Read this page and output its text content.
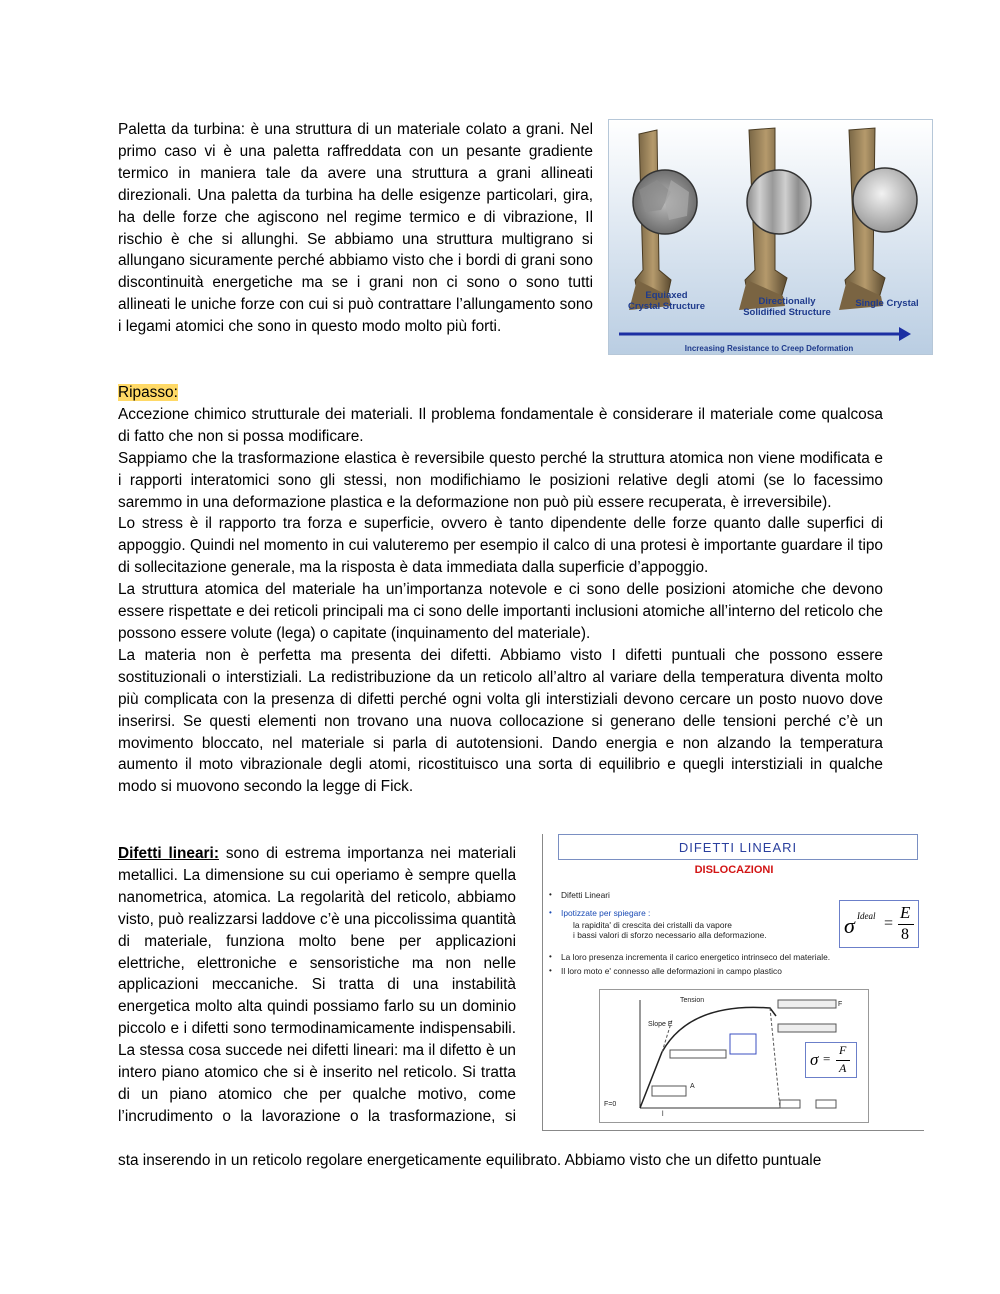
Paletta da turbina: è una struttura di un materiale colato a grani. Nel primo caso vi è una paletta raffreddata con un pesante gradiente termico in maniera tale da avere una struttura a grani allineati direzionali. Una paletta da turbina ha delle esigenze particolari, gira, ha delle forze che agiscono nel regime termico e di vibrazione, Il rischio è che si allunghi. Se abbiamo una struttura multigrano si allungano sicuramente perché abbiamo visto che i bordi di grani sono discontinuità energetiche ma se i grani non ci sono o sono tutti allineati le uniche forze con cui si può contrattare l’allungamento sono i legami atomici che sono in questo modo molto più forti.

Equiaxed
Crystal Structure	Directionally
Solidified Structure
Single Crystal
Increasing Resistance to Creep Deformation

Ripasso:

Accezione chimico strutturale dei materiali. Il problema fondamentale è considerare il materiale come qualcosa di fatto che non si possa modificare.

Sappiamo che la trasformazione elastica è reversibile questo perché la struttura atomica non viene modificata e i rapporti interatomici sono gli stessi, non modifichiamo le posizioni relative degli atomi (se lo facessimo saremmo in una deformazione plastica e la deformazione non può più essere recuperata, è irreversibile).

Lo stress è il rapporto tra forza e superficie, ovvero è tanto dipendente delle forze quanto dalle superfici di appoggio. Quindi nel momento in cui valuteremo per esempio il calco di una protesi è importante guardare il tipo di sollecitazione generale, ma la risposta è data immediata dalla superficie d’appoggio.

La struttura atomica del materiale ha un’importanza notevole e ci sono delle posizioni atomiche che devono essere rispettate e dei reticoli principali ma ci sono delle importanti inclusioni atomiche all’interno del reticolo che possono essere volute (lega) o capitate (inquinamento del materiale).

La materia non è perfetta ma presenta dei difetti. Abbiamo visto I difetti puntuali che possono essere sostituzionali o interstiziali. La redistribuzione da un reticolo all’altro al variare della temperatura diventa molto più complicata con la presenza di difetti perché ogni volta gli interstiziali devono cercare un posto nuovo dove inserirsi. Se questi elementi non trovano una nuova collocazione si generano delle tensioni perché c’è un movimento bloccato, nel materiale si parla di autotensioni. Dando energia e non alzando la temperatura aumento il moto vibrazionale degli atomi, ricostituisco una sorta di equilibrio e quegli interstiziali in qualche modo si muovono secondo la legge di Fick.

Difetti lineari: sono di estrema importanza nei materiali metallici. La dimensione su cui operiamo è sempre quella nanometrica, atomica. La regolarità del reticolo, abbiamo visto, può realizzarsi laddove c’è una piccolissima quantità di materiale, funziona molto bene per applicazioni elettriche, elettroniche e sensoristiche ma non nelle applicazioni meccaniche. Si tratta di una instabilità energetica molto alta quindi possiamo farlo su un dominio piccolo e i difetti sono termodinamicamente indispensabili. La stessa cosa succede nei difetti lineari: ma il difetto è un intero piano atomico che si è inserito nel reticolo. Si tratta di un piano atomico che per qualche motivo, come l’incrudimento o la lavorazione o la trasformazione, si

sta inserendo in un reticolo regolare energeticamente equilibrato. Abbiamo visto che un difetto puntuale
DIFETTI LINEARI
DISLOCAZIONI
• Difetti Lineari
• Ipotizzate per spiegare :
la rapidita' di crescita dei cristalli da vapore
i bassi valori di sforzo necessario alla deformazione.
• La loro presenza incrementa il carico energetico intrinseco del materiale.
• Il loro moto e' connesso alle deformazioni in campo plastico
σ Ideal =
E
8
Tension
Slope E
A
l
F=0
F
σ =
F
A
